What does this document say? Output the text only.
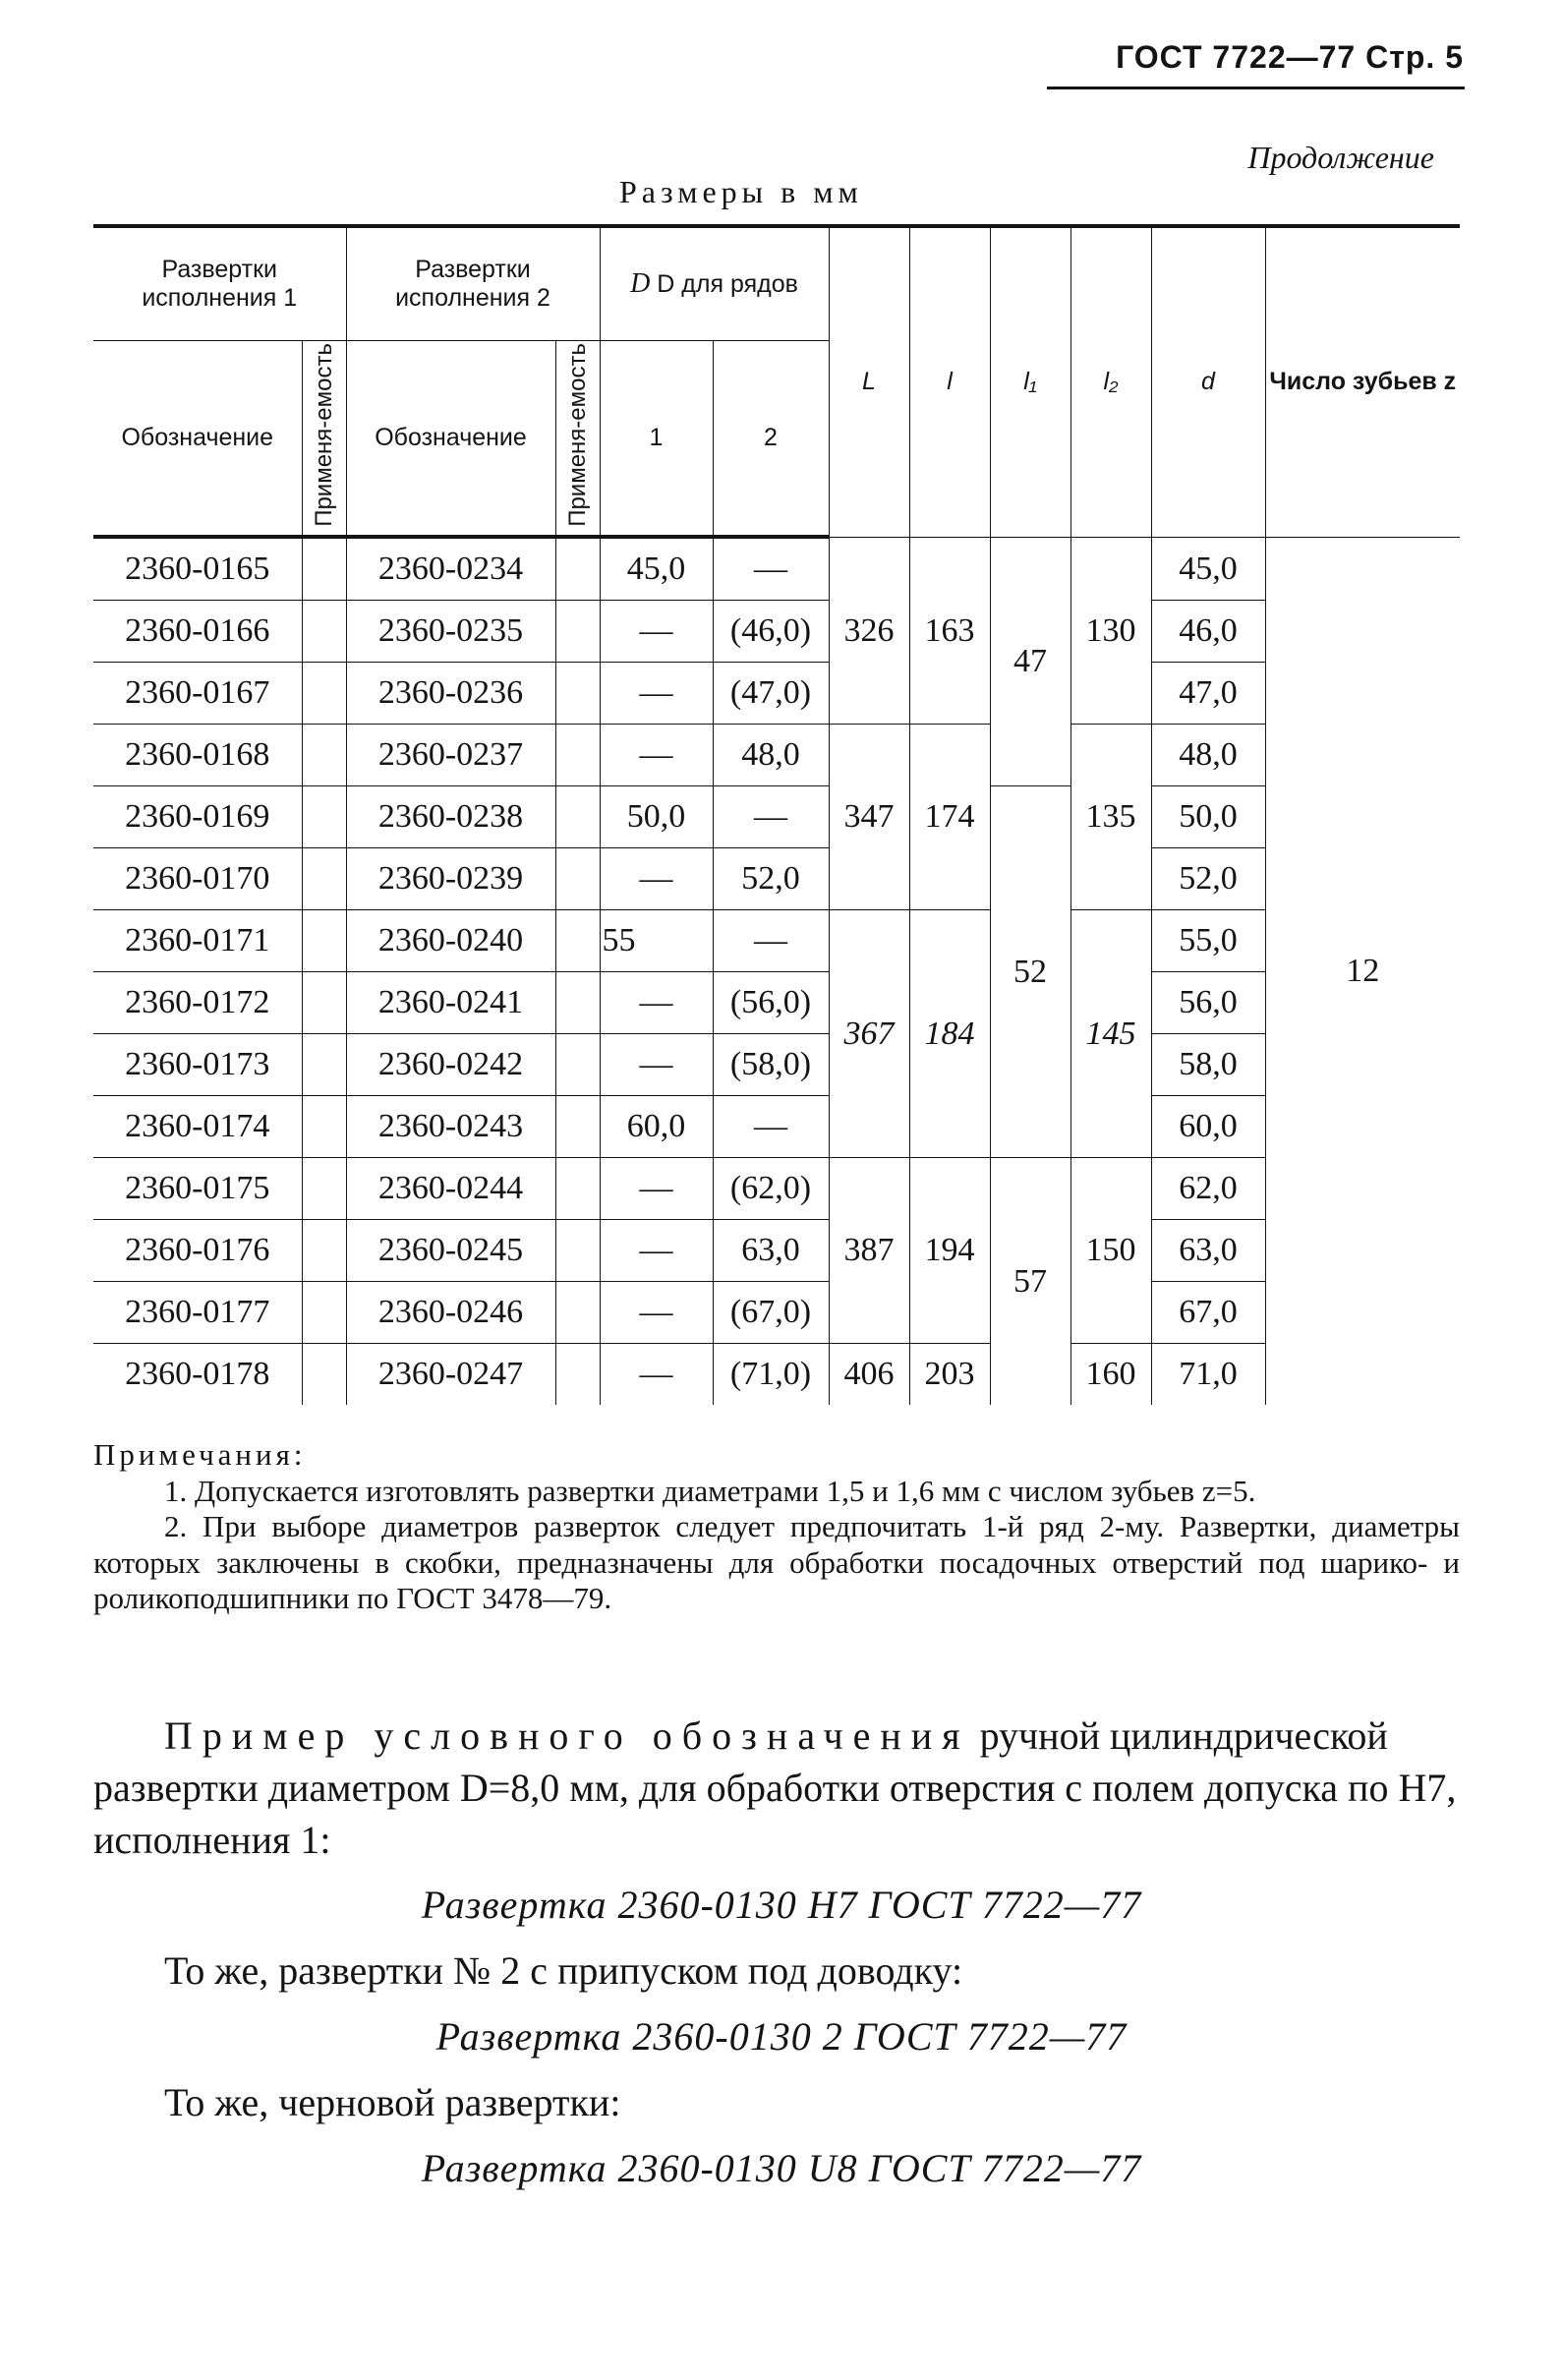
ГОСТ 7722—77 Стр. 5
Продолжение
Размеры в мм
Развертки исполнения 1		Развертки исполнения 2		D D для рядов		L	l	l₁	l₂	d	Число зубьев z
Обозначение	Применя-емость	Обозначение	Применя-емость	1	2						
2360-0165		2360-0234		45,0	—	326	163	47	130	45,0	12
2360-0166		2360-0235		—	(46,0)					46,0	
2360-0167		2360-0236		—	(47,0)					47,0	
2360-0168		2360-0237		—	48,0	347	174		135	48,0	
2360-0169		2360-0238		50,0	—			52		50,0	
2360-0170		2360-0239		—	52,0					52,0	
2360-0171		2360-0240		55	—	367	184		145	55,0	
2360-0172		2360-0241		—	(56,0)					56,0	
2360-0173		2360-0242		—	(58,0)					58,0	
2360-0174		2360-0243		60,0	—					60,0	
2360-0175		2360-0244		—	(62,0)	387	194	57	150	62,0	
2360-0176		2360-0245		—	63,0					63,0	
2360-0177		2360-0246		—	(67,0)					67,0	
2360-0178		2360-0247		—	(71,0)	406	203		160	71,0	

Примечания:

1. Допускается изготовлять развертки диаметрами 1,5 и 1,6 мм с числом зубьев z=5.

2. При выборе диаметров разверток следует предпочитать 1-й ряд 2-му. Развертки, диаметры которых заключены в скобки, предназначены для обработки посадочных отверстий под шарико- и роликоподшипники по ГОСТ 3478—79.

Пример условного обозначения ручной цилиндрической развертки диаметром D=8,0 мм, для обработки отверстия с полем допуска по Н7, исполнения 1:

Развертка 2360-0130 Н7 ГОСТ 7722—77

То же, развертки № 2 с припуском под доводку:

Развертка 2360-0130 2 ГОСТ 7722—77

То же, черновой развертки:

Развертка 2360-0130 U8 ГОСТ 7722—77
